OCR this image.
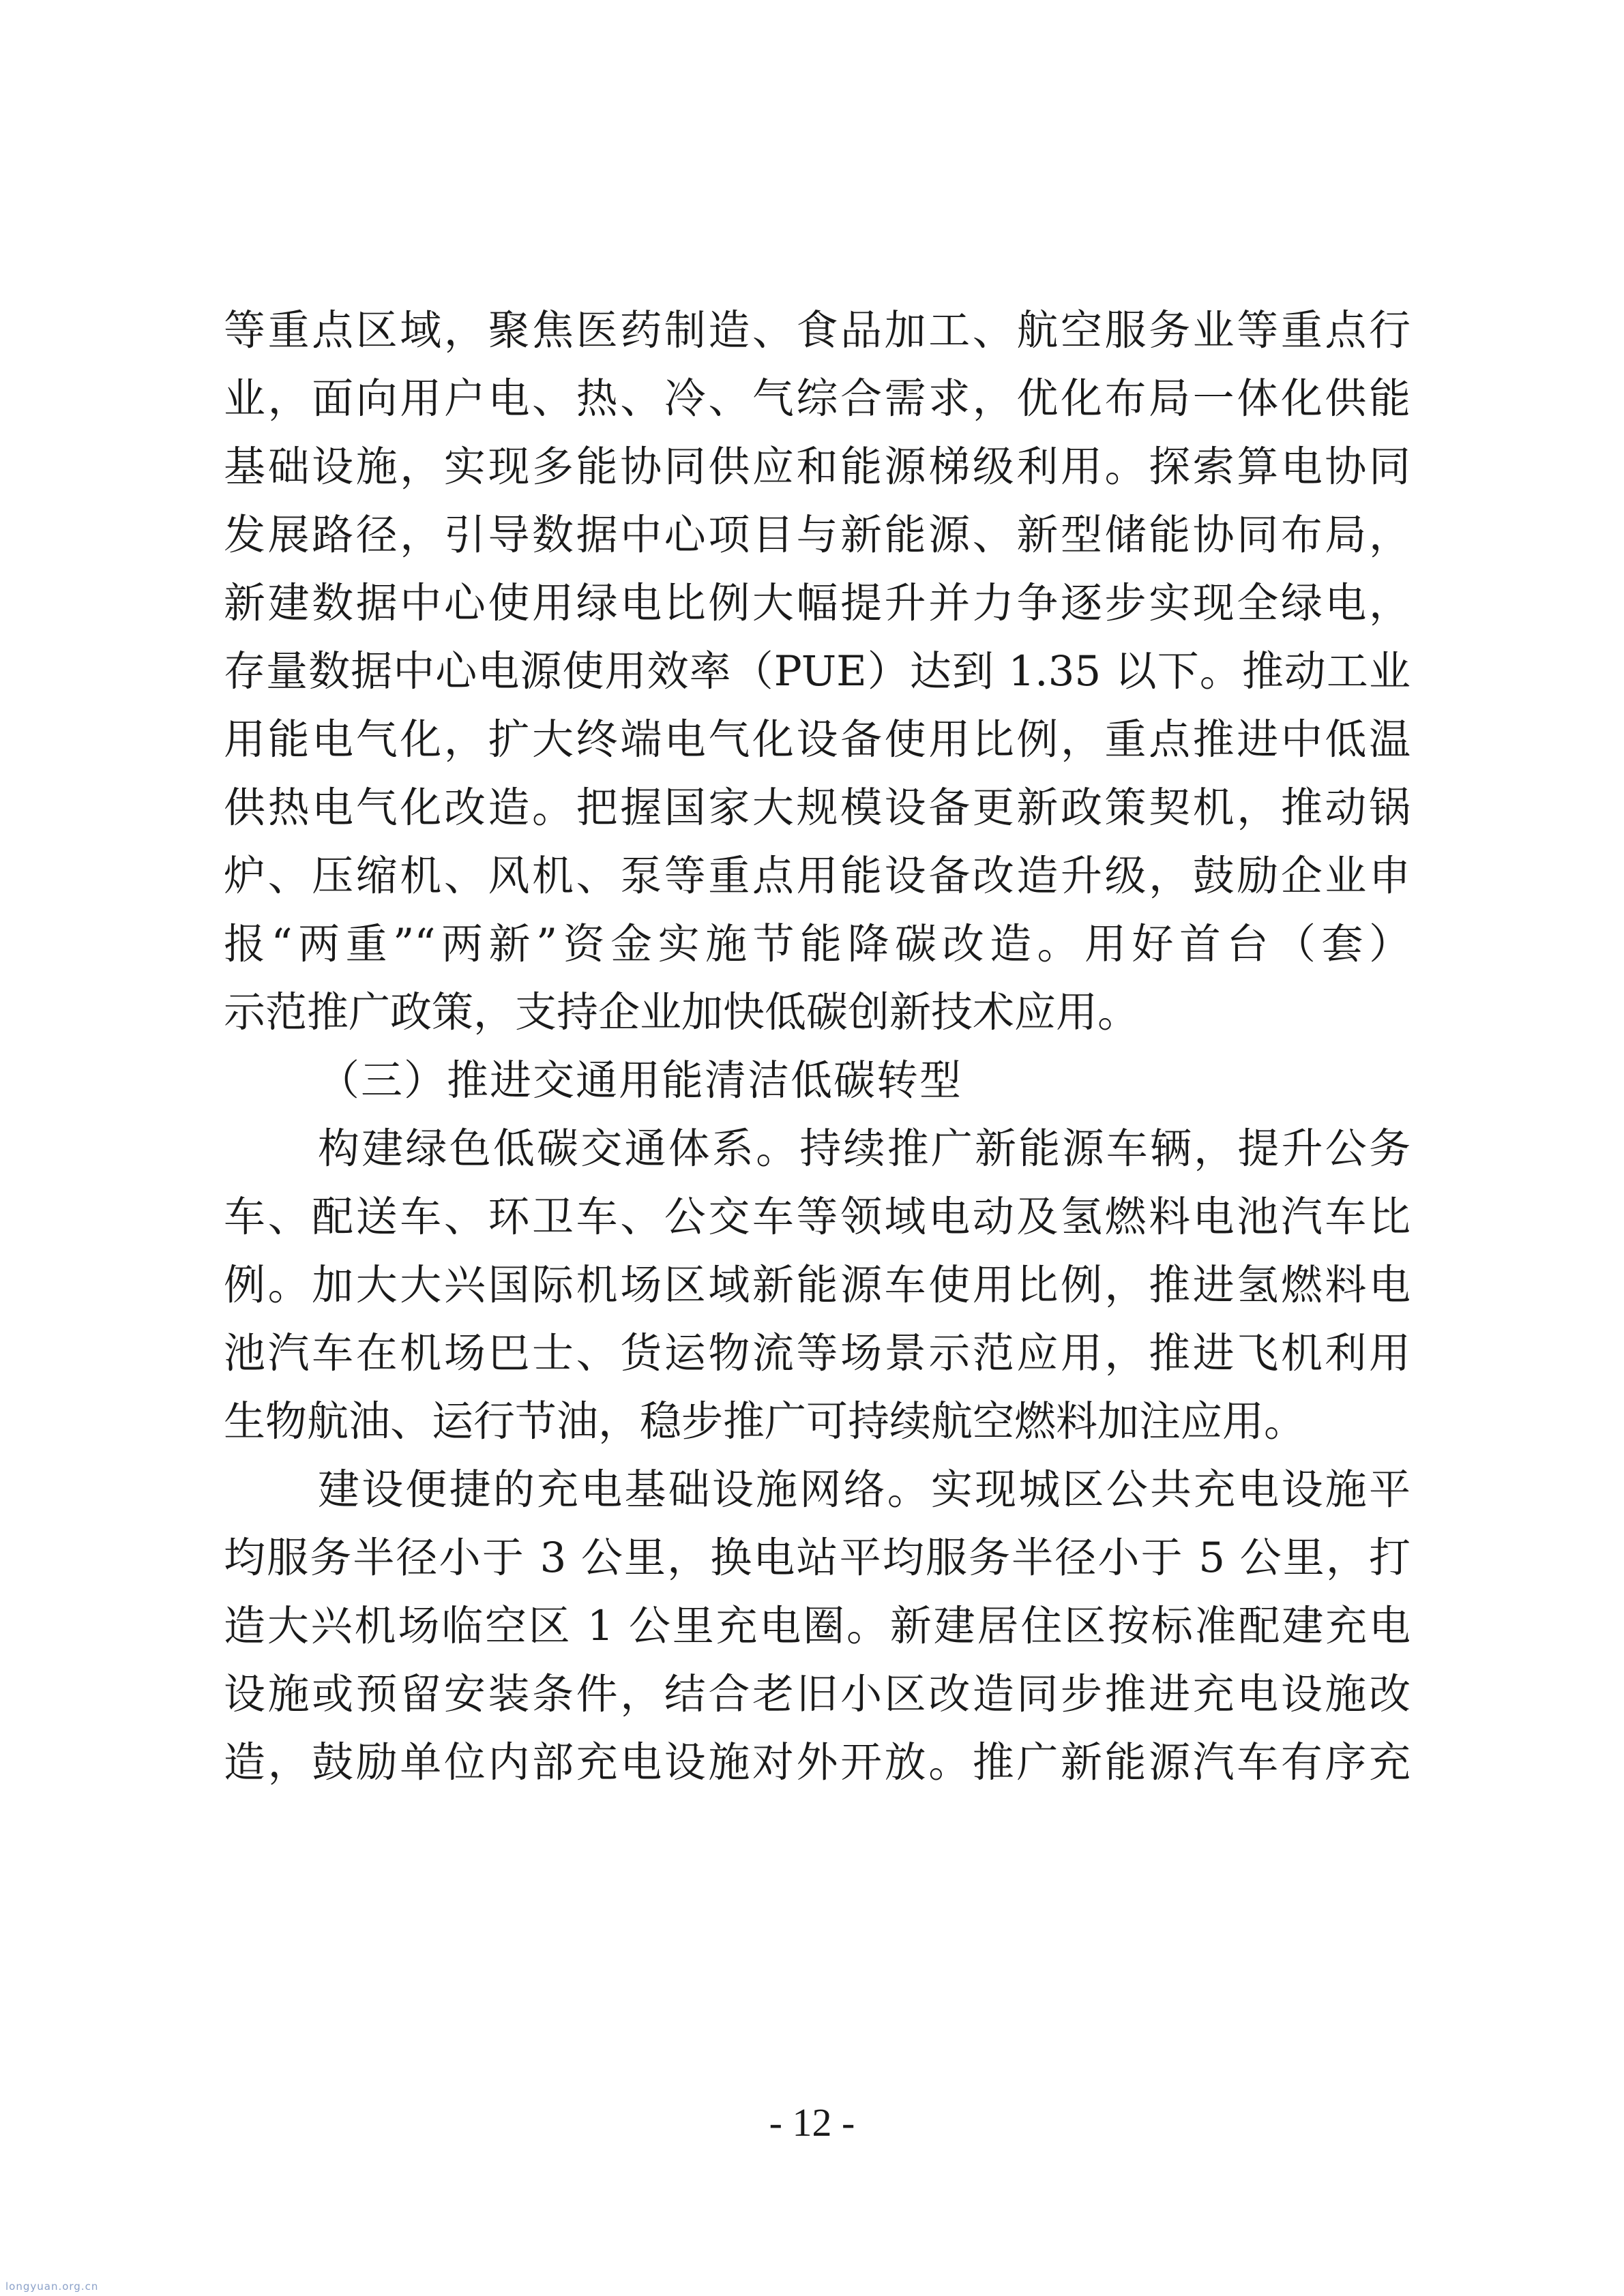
等重点区域，聚焦医药制造、食品加工、航空服务业等重点行
业，面向用户电、热、冷、气综合需求，优化布局一体化供能
基础设施，实现多能协同供应和能源梯级利用。探索算电协同
发展路径，引导数据中心项目与新能源、新型储能协同布局，
新建数据中心使用绿电比例大幅提升并力争逐步实现全绿电，
存量数据中心电源使用效率（PUE）达到 1.35 以下。推动工业
用能电气化，扩大终端电气化设备使用比例，重点推进中低温
供热电气化改造。把握国家大规模设备更新政策契机，推动锅
炉、压缩机、风机、泵等重点用能设备改造升级，鼓励企业申
报“两重”“两新”资金实施节能降碳改造。用好首台（套）
示范推广政策，支持企业加快低碳创新技术应用。
（三）推进交通用能清洁低碳转型
构建绿色低碳交通体系。持续推广新能源车辆，提升公务
车、配送车、环卫车、公交车等领域电动及氢燃料电池汽车比
例。加大大兴国际机场区域新能源车使用比例，推进氢燃料电
池汽车在机场巴士、货运物流等场景示范应用，推进飞机利用
生物航油、运行节油，稳步推广可持续航空燃料加注应用。
建设便捷的充电基础设施网络。实现城区公共充电设施平
均服务半径小于 3 公里，换电站平均服务半径小于 5 公里，打
造大兴机场临空区 1 公里充电圈。新建居住区按标准配建充电
设施或预留安装条件，结合老旧小区改造同步推进充电设施改
造，鼓励单位内部充电设施对外开放。推广新能源汽车有序充
- 12 -
longyuan.org.cn
